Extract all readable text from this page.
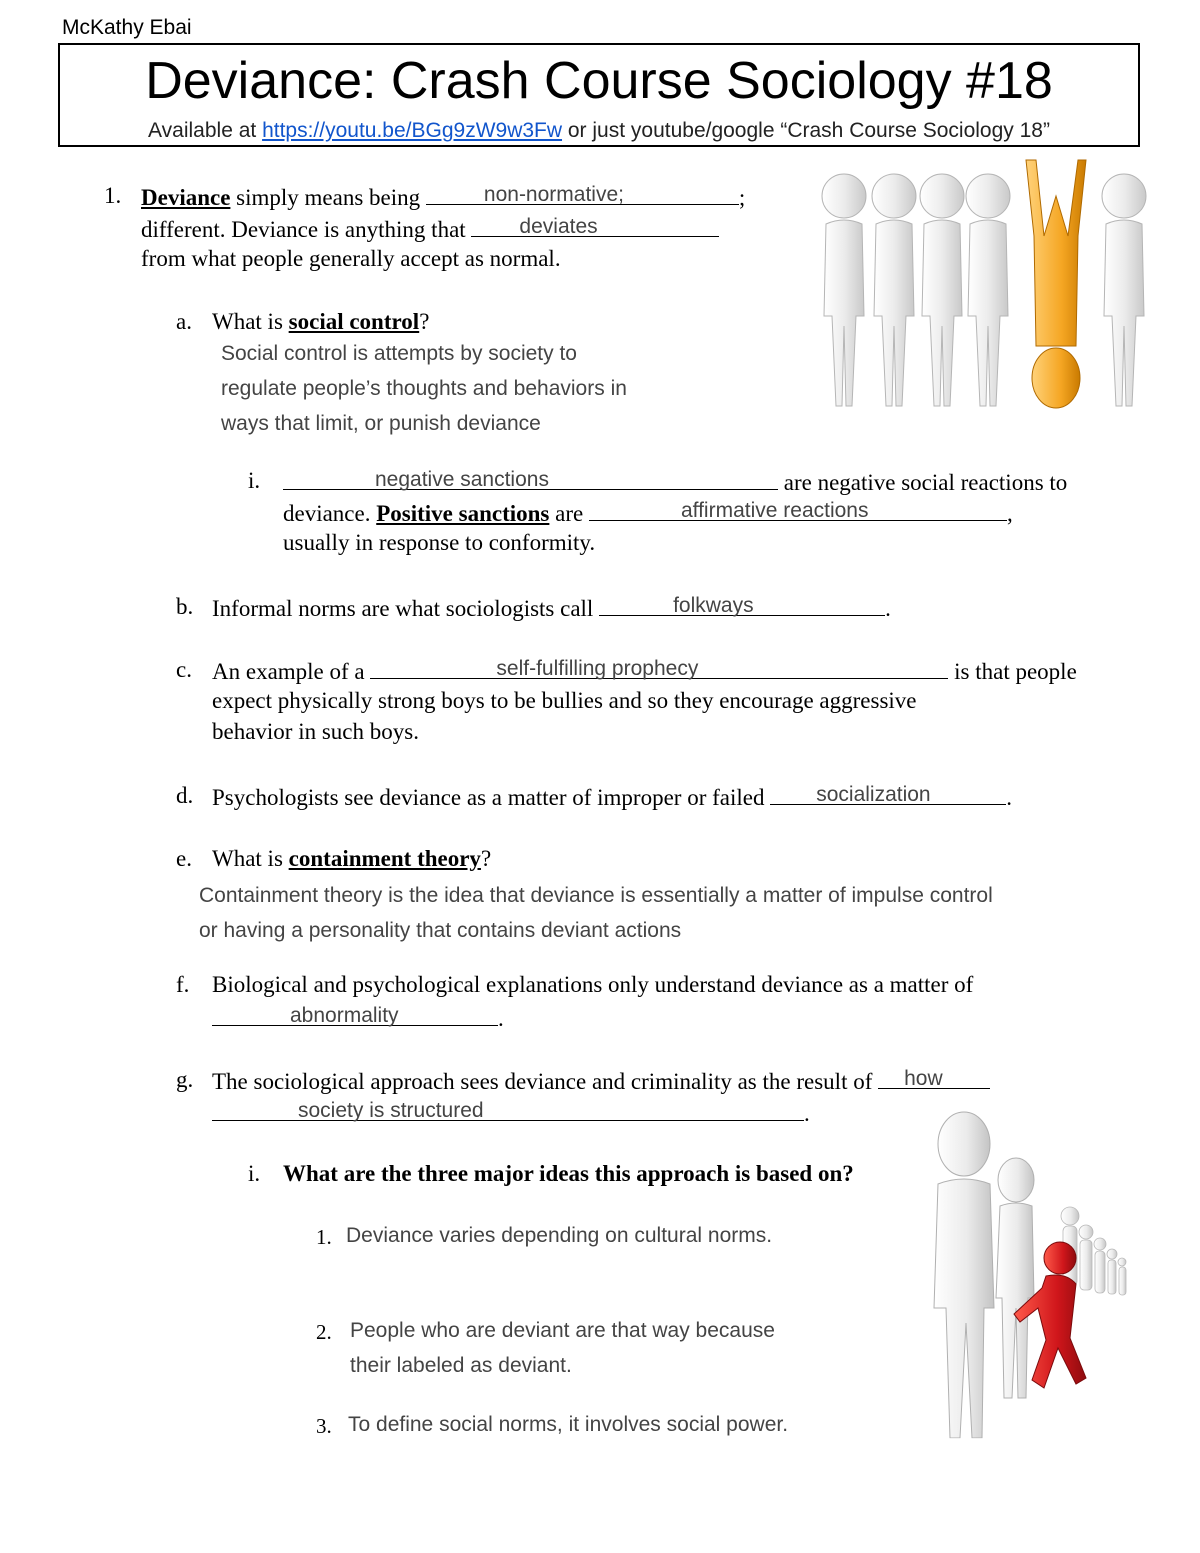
McKathy Ebai
Deviance: Crash Course Sociology #18
Available at https://youtu.be/BGg9zW9w3Fw or just youtube/google “Crash Course Sociology 18”
1. Deviance simply means being	non-normative;	;
different. Deviance is anything that deviates
from what people generally accept as normal.
a. What is social control?
Social control is attempts by society to
regulate people’s thoughts and behaviors in
ways that limit, or punish deviance
i.	negative sanctions	are negative social reactions to
deviance. Positive sanctions are	affirmative reactions	,
usually in response to conformity.
b. Informal norms are what sociologists call	folkways	.
c. An example of a	self-fulfilling prophecy	is that people
expect physically strong boys to be bullies and so they encourage aggressive
behavior in such boys.
d. Psychologists see deviance as a matter of improper or failed socialization	.
e. What is containment theory?
Containment theory is the idea that deviance is essentially a matter of impulse control
or having a personality that contains deviant actions
f. Biological and psychological explanations only understand deviance as a matter of
abnormality	.
g. The sociological approach sees deviance and criminality as the result of how
society is structured	.
i. What are the three major ideas this approach is based on?
1. Deviance varies depending on cultural norms.
2. People who are deviant are that way because
their labeled as deviant.
3. To define social norms, it involves social power.
